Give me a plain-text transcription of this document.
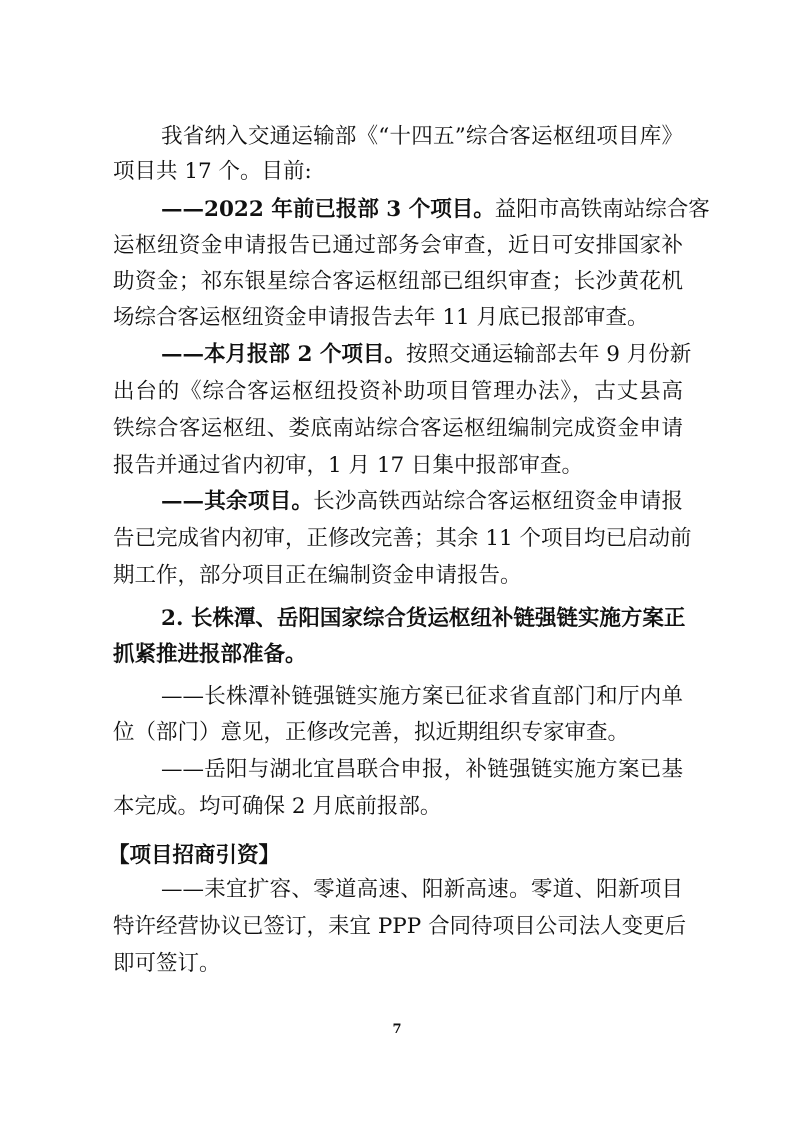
我省纳入交通运输部《“十四五”综合客运枢纽项目库》
项目共 17 个。目前:
——2022 年前已报部 3 个项目。益阳市高铁南站综合客
运枢纽资金申请报告已通过部务会审查，近日可安排国家补
助资金；祁东银星综合客运枢纽部已组织审查；长沙黄花机
场综合客运枢纽资金申请报告去年 11 月底已报部审查。
——本月报部 2 个项目。按照交通运输部去年 9 月份新
出台的《综合客运枢纽投资补助项目管理办法》，古丈县高
铁综合客运枢纽、娄底南站综合客运枢纽编制完成资金申请
报告并通过省内初审，1 月 17 日集中报部审查。
——其余项目。长沙高铁西站综合客运枢纽资金申请报
告已完成省内初审，正修改完善；其余 11 个项目均已启动前
期工作，部分项目正在编制资金申请报告。
2. 长株潭、岳阳国家综合货运枢纽补链强链实施方案正
抓紧推进报部准备。
——长株潭补链强链实施方案已征求省直部门和厅内单
位（部门）意见，正修改完善，拟近期组织专家审查。
——岳阳与湖北宜昌联合申报，补链强链实施方案已基
本完成。均可确保 2 月底前报部。
【项目招商引资】
——耒宜扩容、零道高速、阳新高速。零道、阳新项目
特许经营协议已签订，耒宜 PPP 合同待项目公司法人变更后
即可签订。
7
